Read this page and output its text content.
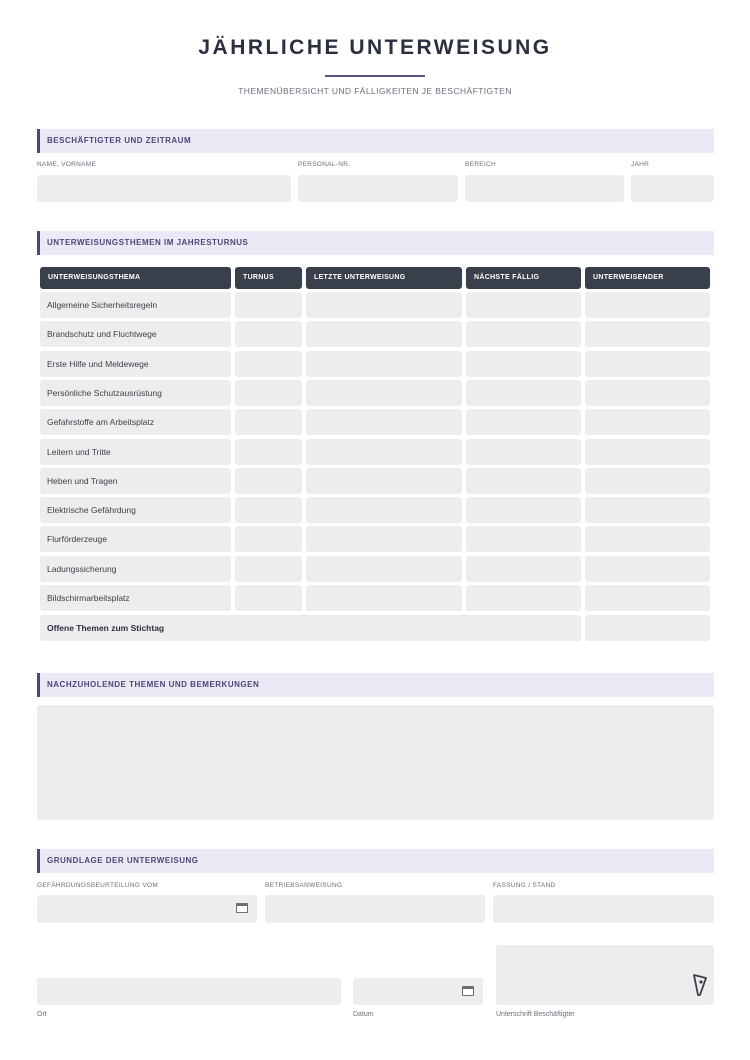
JÄHRLICHE UNTERWEISUNG
THEMENÜBERSICHT UND FÄLLIGKEITEN JE BESCHÄFTIGTEN
BESCHÄFTIGTER UND ZEITRAUM
NAME, VORNAME	PERSONAL-NR.	BEREICH	JAHR
UNTERWEISUNGSTHEMEN IM JAHRESTURNUS
UNTERWEISUNGSTHEMA	TURNUS	LETZTE UNTERWEISUNG	NÄCHSTE FÄLLIG	UNTERWEISENDER
Allgemeine Sicherheitsregeln
Brandschutz und Fluchtwege
Erste Hilfe und Meldewege
Persönliche Schutzausrüstung
Gefahrstoffe am Arbeitsplatz
Leitern und Tritte
Heben und Tragen
Elektrische Gefährdung
Flurförderzeuge
Ladungssicherung
Bildschirmarbeitsplatz
Offene Themen zum Stichtag
NACHZUHOLENDE THEMEN UND BEMERKUNGEN
GRUNDLAGE DER UNTERWEISUNG
GEFÄHRDUNGSBEURTEILUNG VOM	BETRIEBSANWEISUNG	FASSUNG / STAND
Ort	Datum	Unterschrift Beschäftigter
